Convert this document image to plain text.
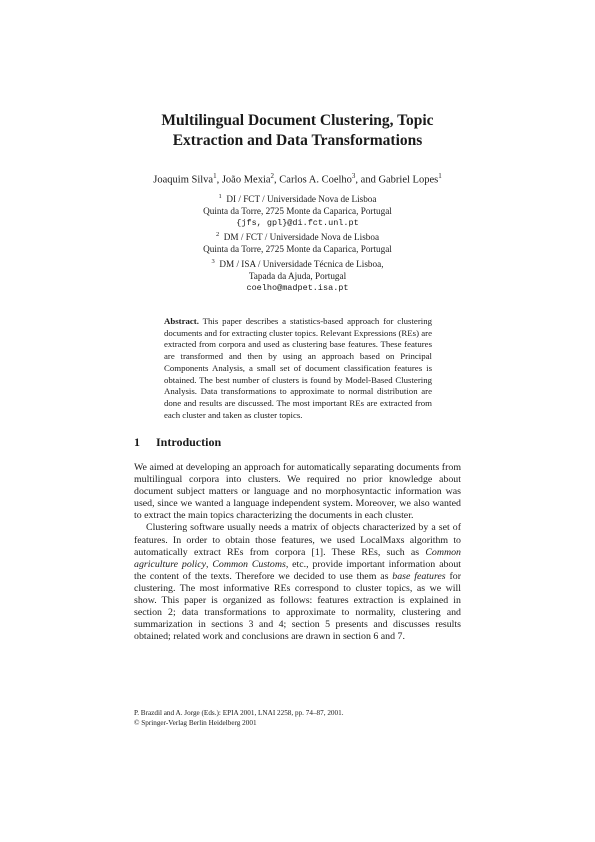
Multilingual Document Clustering, Topic
Extraction and Data Transformations
Joaquim Silva$^1$, João Mexia$^2$, Carlos A. Coelho$^3$, and Gabriel Lopes$^1$
$^1$ DI / FCT / Universidade Nova de Lisboa
Quinta da Torre, 2725 Monte da Caparica, Portugal
{jfs, gpl}@di.fct.unl.pt
$^2$ DM / FCT / Universidade Nova de Lisboa
Quinta da Torre, 2725 Monte da Caparica, Portugal
$^3$ DM / ISA / Universidade Técnica de Lisboa,
Tapada da Ajuda, Portugal
coelho@madpet.isa.pt
Abstract. This paper describes a statistics-based approach for clustering documents and for extracting cluster topics. Relevant Expressions (REs) are extracted from corpora and used as clustering base features. These features are transformed and then by using an approach based on Principal Components Analysis, a small set of document classification features is obtained. The best number of clusters is found by Model-Based Clustering Analysis. Data transformations to approximate to normal distribution are done and results are discussed. The most important REs are extracted from each cluster and taken as cluster topics.
1 Introduction

We aimed at developing an approach for automatically separating documents from multilingual corpora into clusters. We required no prior knowledge about document subject matters or language and no morphosyntactic information was used, since we wanted a language independent system. Moreover, we also wanted to extract the main topics characterizing the documents in each cluster.

Clustering software usually needs a matrix of objects characterized by a set of features. In order to obtain those features, we used LocalMaxs algorithm to automatically extract REs from corpora [1]. These REs, such as Common agriculture policy, Common Customs, etc., provide important information about the content of the texts. Therefore we decided to use them as base features for clustering. The most informative REs correspond to cluster topics, as we will show. This paper is organized as follows: features extraction is explained in section 2; data transformations to approximate to normality, clustering and summarization in sections 3 and 4; section 5 presents and discusses results obtained; related work and conclusions are drawn in section 6 and 7.

P. Brazdil and A. Jorge (Eds.): EPIA 2001, LNAI 2258, pp. 74–87, 2001.
© Springer-Verlag Berlin Heidelberg 2001
